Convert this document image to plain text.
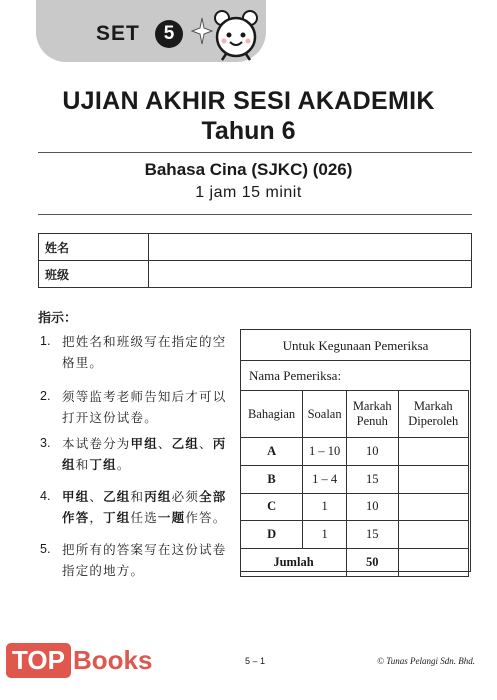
SET	5
UJIAN AKHIR SESI AKADEMIK
Tahun 6
Bahasa Cina (SJKC) (026)
1 jam 15 minit
姓名	
班级	
指示：
1. 把姓名和班级写在指定的空格里。
2. 须等监考老师告知后才可以打开这份试卷。
3. 本试卷分为甲组、乙组、丙组和丁组。
4. 甲组、乙组和丙组必须全部作答，丁组任选一题作答。
5. 把所有的答案写在这份试卷指定的地方。
Untuk Kegunaan Pemeriksa
Nama Pemeriksa:
Bahagian	Soalan	Markah Penuh	Markah Diperoleh
A	1 – 10	10	
B	1 – 4	15	
C	1	10	
D	1	15	
Jumlah		50	
TOP Books	5 – 1	© Tunas Pelangi Sdn. Bhd.
